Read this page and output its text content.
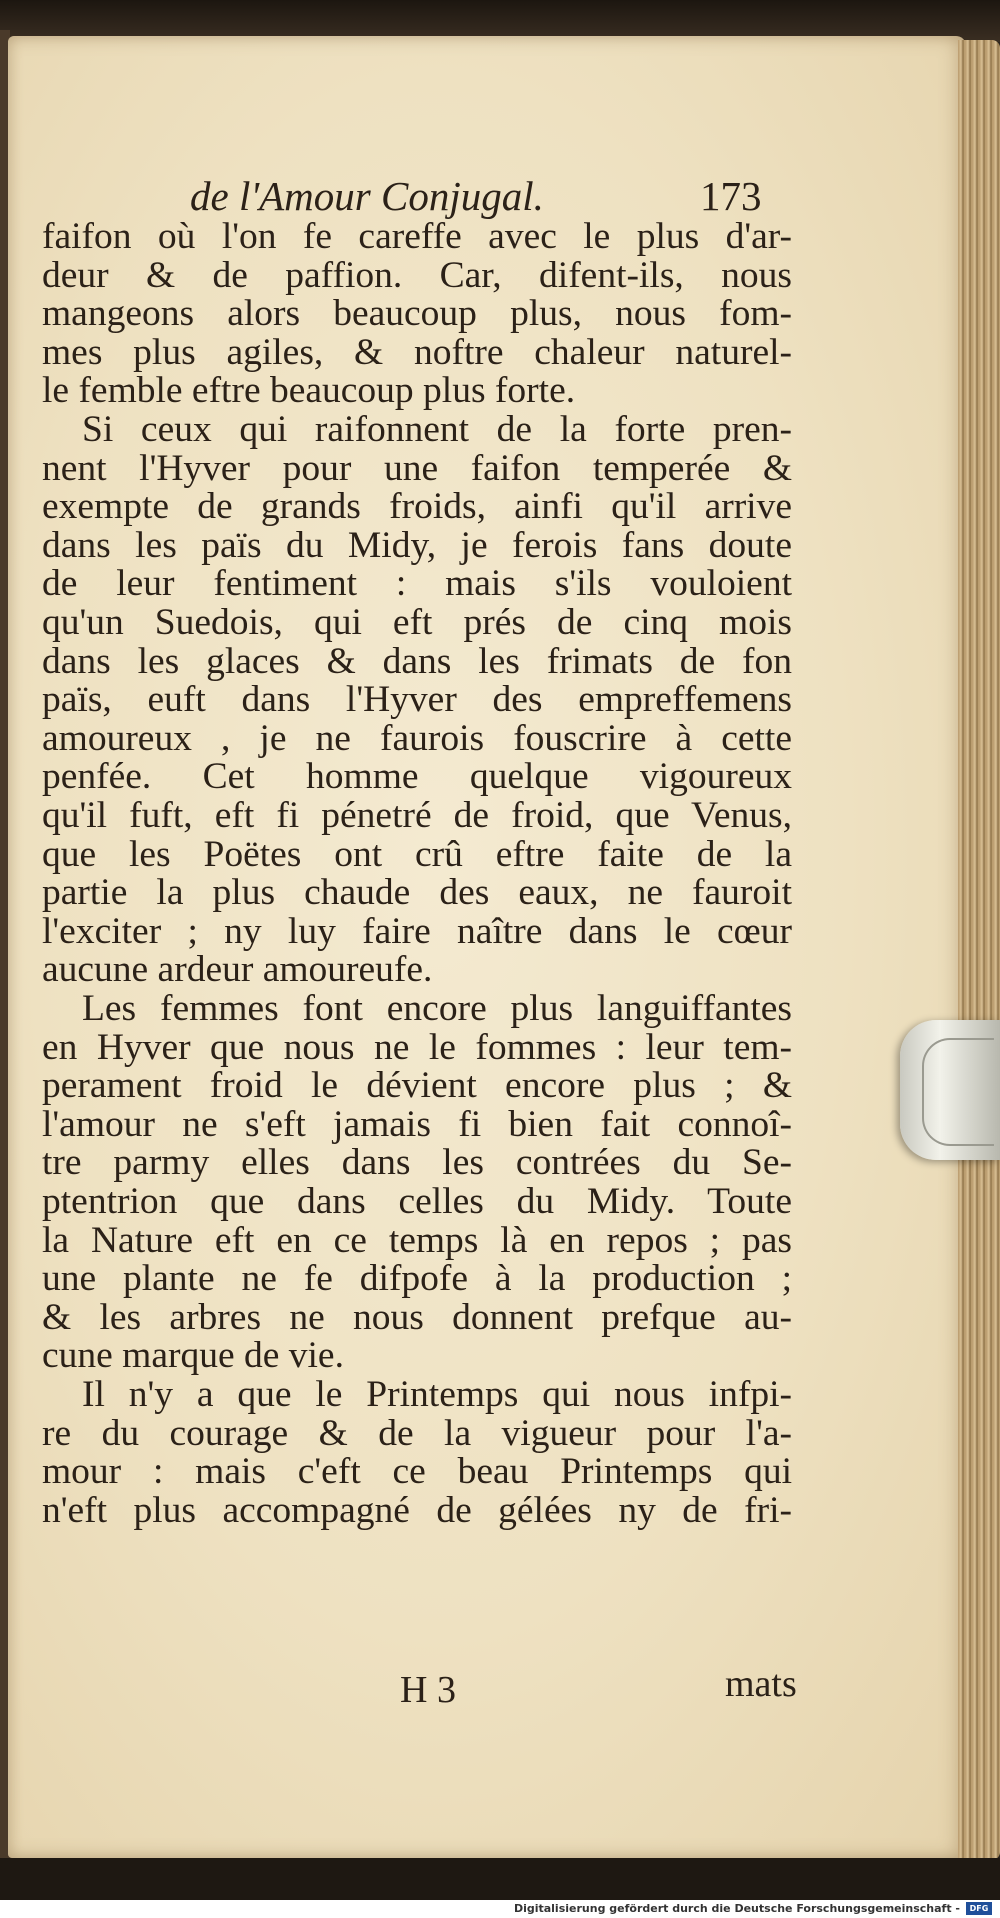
de l'Amour Conjugal.	173
faifon où l'on fe careffe avec le plus d'ar-
deur & de paffion. Car, difent-ils, nous
mangeons alors beaucoup plus, nous fom-
mes plus agiles, & noftre chaleur naturel-
le femble eftre beaucoup plus forte.
Si ceux qui raifonnent de la forte pren-
nent l'Hyver pour une faifon temperée &
exempte de grands froids, ainfi qu'il arrive
dans les païs du Midy, je ferois fans doute
de leur fentiment : mais s'ils vouloient
qu'un Suedois, qui eft prés de cinq mois
dans les glaces & dans les frimats de fon
païs, euft dans l'Hyver des empreffemens
amoureux , je ne faurois fouscrire à cette
penfée. Cet homme quelque vigoureux
qu'il fuft, eft fi pénetré de froid, que Venus,
que les Poëtes ont crû eftre faite de la
partie la plus chaude des eaux, ne fauroit
l'exciter ; ny luy faire naître dans le cœur
aucune ardeur amoureufe.
Les femmes font encore plus languiffantes
en Hyver que nous ne le fommes : leur tem-
perament froid le dévient encore plus ; &
l'amour ne s'eft jamais fi bien fait connoî-
tre parmy elles dans les contrées du Se-
ptentrion que dans celles du Midy. Toute
la Nature eft en ce temps là en repos ; pas
une plante ne fe difpofe à la production ;
& les arbres ne nous donnent prefque au-
cune marque de vie.
Il n'y a que le Printemps qui nous infpi-
re du courage & de la vigueur pour l'a-
mour : mais c'eft ce beau Printemps qui
n'eft plus accompagné de gélées ny de fri-
H 3	mats
Digitalisierung gefördert durch die Deutsche Forschungsgemeinschaft -	DFG
